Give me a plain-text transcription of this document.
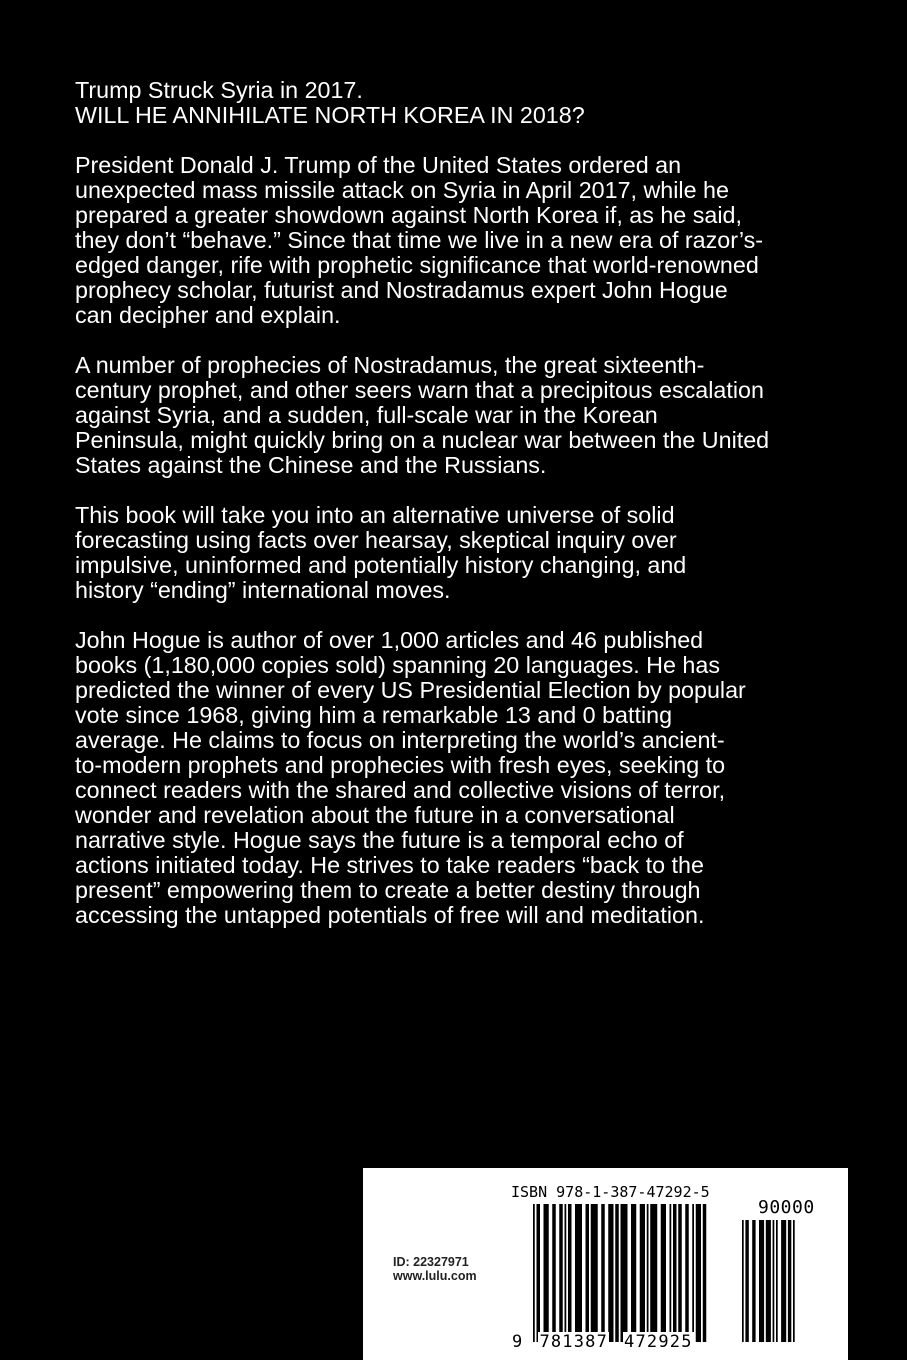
Trump Struck Syria in 2017.
WILL HE ANNIHILATE NORTH KOREA IN 2018?

President Donald J. Trump of the United States ordered an
unexpected mass missile attack on Syria in April 2017, while he
prepared a greater showdown against North Korea if, as he said,
they don’t “behave.” Since that time we live in a new era of razor’s-
edged danger, rife with prophetic significance that world-renowned
prophecy scholar, futurist and Nostradamus expert John Hogue
can decipher and explain.

A number of prophecies of Nostradamus, the great sixteenth-
century prophet, and other seers warn that a precipitous escalation
against Syria, and a sudden, full-scale war in the Korean
Peninsula, might quickly bring on a nuclear war between the United
States against the Chinese and the Russians.

This book will take you into an alternative universe of solid
forecasting using facts over hearsay, skeptical inquiry over
impulsive, uninformed and potentially history changing, and
history “ending” international moves.

John Hogue is author of over 1,000 articles and 46 published
books (1,180,000 copies sold) spanning 20 languages. He has
predicted the winner of every US Presidential Election by popular
vote since 1968, giving him a remarkable 13 and 0 batting
average. He claims to focus on interpreting the world’s ancient-
to-modern prophets and prophecies with fresh eyes, seeking to
connect readers with the shared and collective visions of terror,
wonder and revelation about the future in a conversational
narrative style. Hogue says the future is a temporal echo of
actions initiated today. He strives to take readers “back to the
present” empowering them to create a better destiny through
accessing the untapped potentials of free will and meditation.

ID: 22327971
www.lulu.com
ISBN 978-1-387-47292-5
90000
9 781387 472925
